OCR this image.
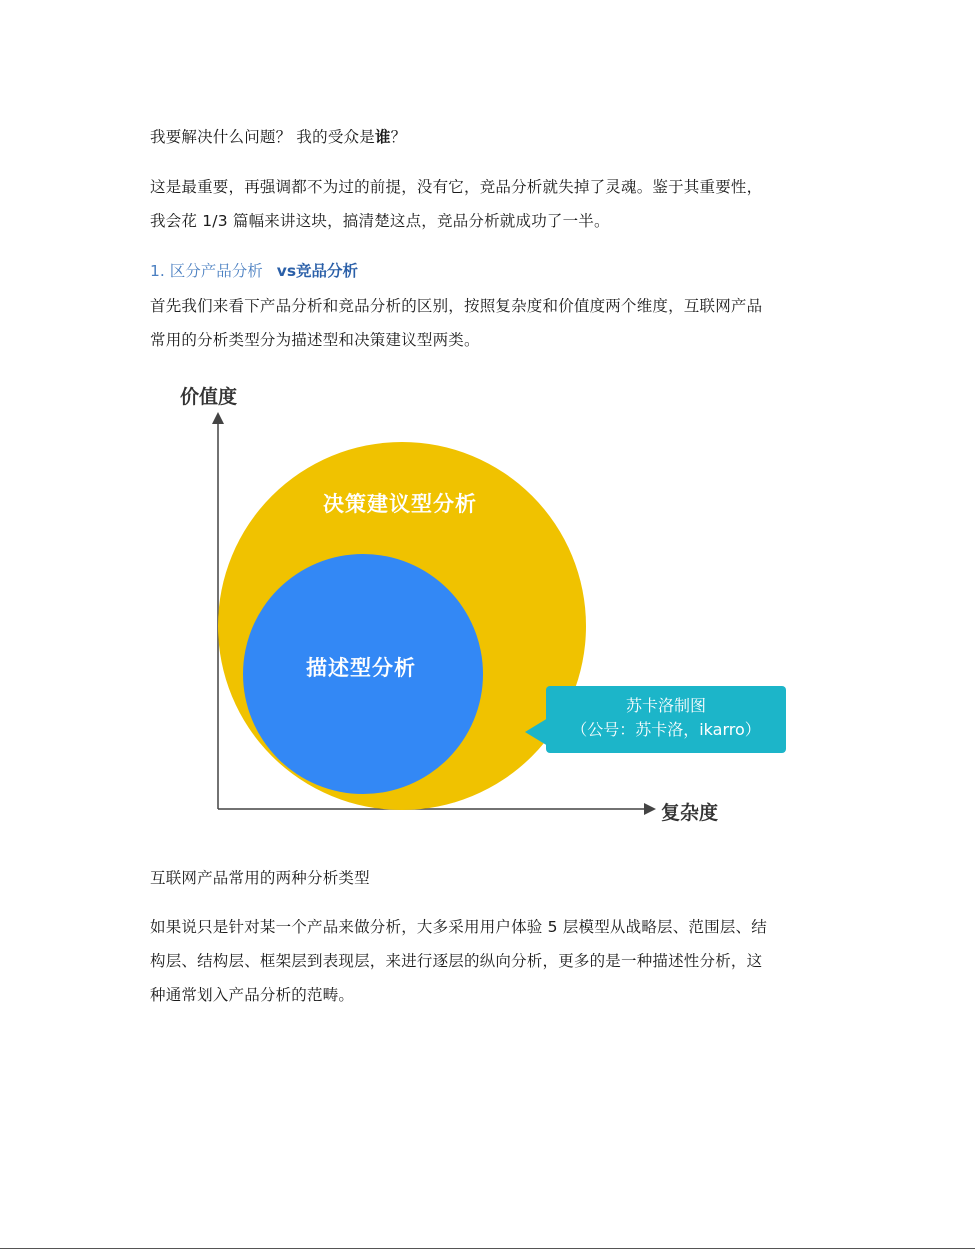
我要解决什么问题？ 我的受众是谁？

这是最重要，再强调都不为过的前提，没有它，竞品分析就失掉了灵魂。鉴于其重要性，
我会花 1/3 篇幅来讲这块，搞清楚这点，竞品分析就成功了一半。

1. 区分产品分析 vs竞品分析

首先我们来看下产品分析和竞品分析的区别，按照复杂度和价值度两个维度，互联网产品
常用的分析类型分为描述型和决策建议型两类。

价值度
复杂度
决策建议型分析
描述型分析
苏卡洛制图
（公号：苏卡洛，ikarro）

互联网产品常用的两种分析类型

如果说只是针对某一个产品来做分析，大多采用用户体验 5 层模型从战略层、范围层、结
构层、结构层、框架层到表现层，来进行逐层的纵向分析，更多的是一种描述性分析，这
种通常划入产品分析的范畴。
